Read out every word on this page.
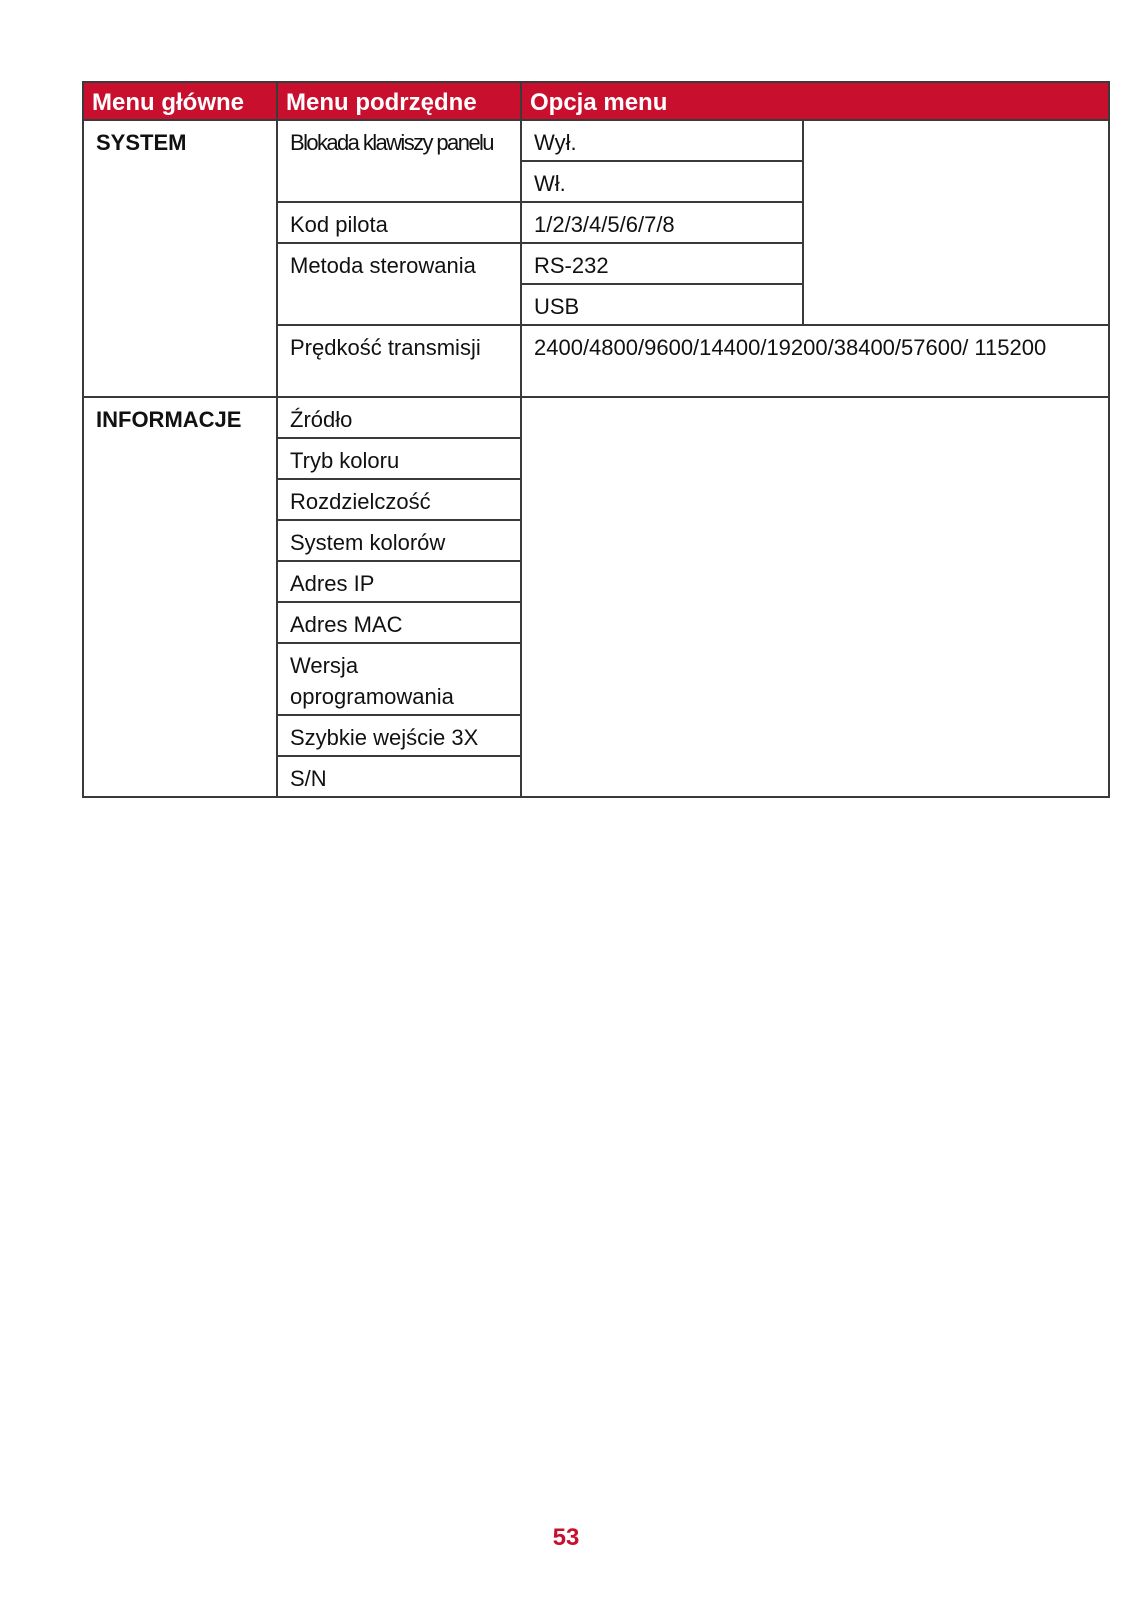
Menu główne	Menu podrzędne	Opcja menu	
SYSTEM	Blokada klawiszy panelu	Wył.	
		Wł.	
	Kod pilota	1/2/3/4/5/6/7/8	
	Metoda sterowania	RS-232	
		USB	
	Prędkość transmisji	2400/4800/9600/14400/19200/38400/57600/ 115200	
INFORMACJE	Źródło		
	Tryb koloru		
	Rozdzielczość		
	System kolorów		
	Adres IP		
	Adres MAC		
	Wersja oprogramowania		
	Szybkie wejście 3X		
	S/N		
53
